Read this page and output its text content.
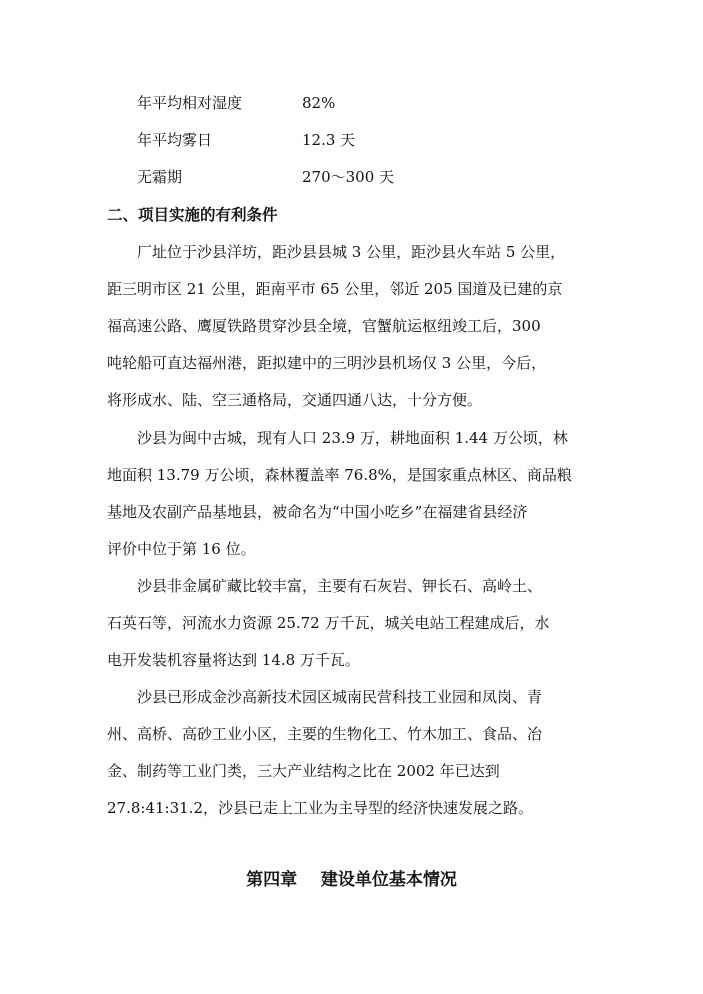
年平均相对湿度	82%
年平均雾日	12.3 天
无霜期	270～300 天
二、项目实施的有利条件
厂址位于沙县洋坊，距沙县县城 3 公里，距沙县火车站 5 公里，
距三明市区 21 公里，距南平市 65 公里，邻近 205 国道及已建的京
福高速公路、鹰厦铁路贯穿沙县全境，官蟹航运枢纽竣工后，300
吨轮船可直达福州港，距拟建中的三明沙县机场仅 3 公里，今后，
将形成水、陆、空三通格局，交通四通八达，十分方便。
沙县为闽中古城，现有人口 23.9 万，耕地面积 1.44 万公顷，林
地面积 13.79 万公顷，森林覆盖率 76.8%，是国家重点林区、商品粮
基地及农副产品基地县，被命名为“中国小吃乡”在福建省县经济
评价中位于第 16 位。
沙县非金属矿藏比较丰富，主要有石灰岩、钾长石、高岭土、
石英石等，河流水力资源 25.72 万千瓦，城关电站工程建成后，水
电开发装机容量将达到 14.8 万千瓦。
沙县已形成金沙高新技术园区城南民营科技工业园和凤岗、青
州、高桥、高砂工业小区，主要的生物化工、竹木加工、食品、冶
金、制药等工业门类，三大产业结构之比在 2002 年已达到
27.8:41:31.2，沙县已走上工业为主导型的经济快速发展之路。
第四章    建设单位基本情况
